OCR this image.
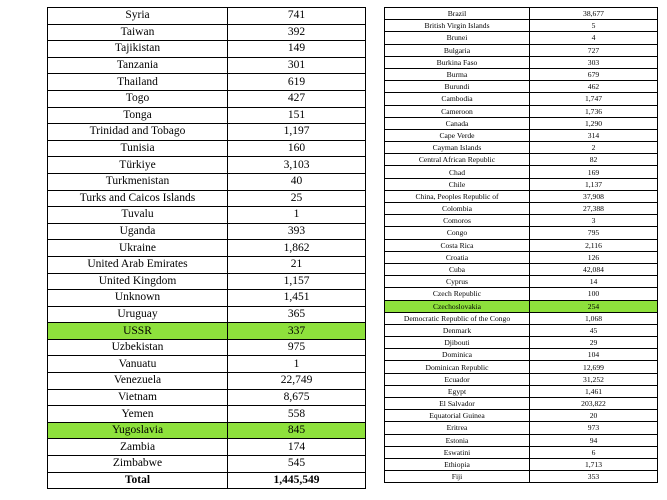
Syria	741
Taiwan	392
Tajikistan	149
Tanzania	301
Thailand	619
Togo	427
Tonga	151
Trinidad and Tobago	1,197
Tunisia	160
Türkiye	3,103
Turkmenistan	40
Turks and Caicos Islands	25
Tuvalu	1
Uganda	393
Ukraine	1,862
United Arab Emirates	21
United Kingdom	1,157
Unknown	1,451
Uruguay	365
USSR	337
Uzbekistan	975
Vanuatu	1
Venezuela	22,749
Vietnam	8,675
Yemen	558
Yugoslavia	845
Zambia	174
Zimbabwe	545
Total	1,445,549
Brazil	38,677
British Virgin Islands	5
Brunei	4
Bulgaria	727
Burkina Faso	303
Burma	679
Burundi	462
Cambodia	1,747
Cameroon	1,736
Canada	1,290
Cape Verde	314
Cayman Islands	2
Central African Republic	82
Chad	169
Chile	1,137
China, Peoples Republic of	37,908
Colombia	27,388
Comoros	3
Congo	795
Costa Rica	2,116
Croatia	126
Cuba	42,084
Cyprus	14
Czech Republic	100
Czechoslovakia	254
Democratic Republic of the Congo	1,068
Denmark	45
Djibouti	29
Dominica	104
Dominican Republic	12,699
Ecuador	31,252
Egypt	1,461
El Salvador	203,822
Equatorial Guinea	20
Eritrea	973
Estonia	94
Eswatini	6
Ethiopia	1,713
Fiji	353
